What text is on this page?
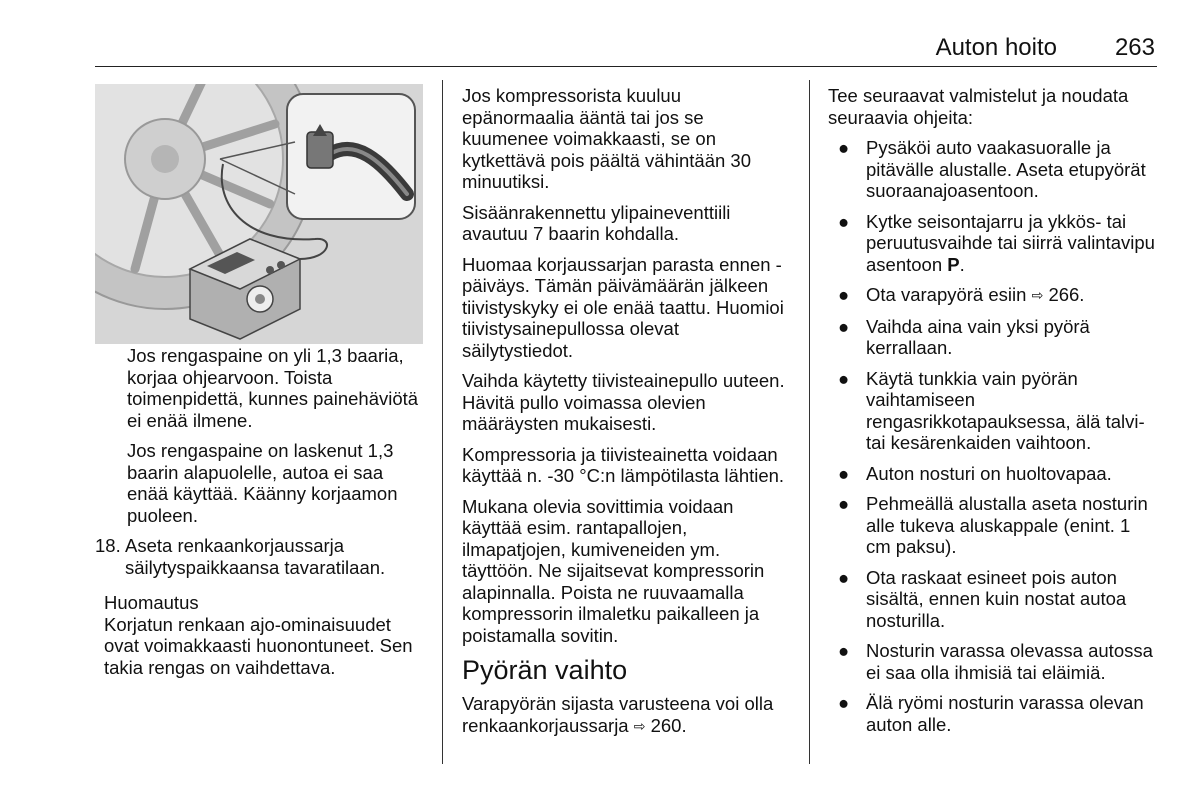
Auton hoito 263

Jos rengaspaine on yli 1,3 baaria, korjaa ohjearvoon. Toista toimenpidettä, kunnes painehäviötä ei enää ilmene.

Jos rengaspaine on laskenut 1,3 baarin alapuolelle, autoa ei saa enää käyttää. Käänny korjaamon puoleen.

18. Aseta renkaankorjaussarja säilytyspaikkaansa tavaratilaan.
Huomautus
Korjatun renkaan ajo-ominaisuudet ovat voimakkaasti huonontuneet. Sen takia rengas on vaihdettava.

Jos kompressorista kuuluu epänormaalia ääntä tai jos se kuumenee voimakkaasti, se on kytkettävä pois päältä vähintään 30 minuutiksi.

Sisäänrakennettu ylipaineventtiili avautuu 7 baarin kohdalla.

Huomaa korjaussarjan parasta ennen -päiväys. Tämän päivämäärän jälkeen tiivistyskyky ei ole enää taattu. Huomioi tiivistysainepullossa olevat säilytystiedot.

Vaihda käytetty tiivisteainepullo uuteen. Hävitä pullo voimassa olevien määräysten mukaisesti.

Kompressoria ja tiivisteainetta voidaan käyttää n. -30 °C:n lämpötilasta lähtien.

Mukana olevia sovittimia voidaan käyttää esim. rantapallojen, ilmapatjojen, kumiveneiden ym. täyttöön. Ne sijaitsevat kompressorin alapinnalla. Poista ne ruuvaamalla kompressorin ilmaletku paikalleen ja poistamalla sovitin.

Pyörän vaihto

Varapyörän sijasta varusteena voi olla renkaankorjaussarja ⇨ 260.

Tee seuraavat valmistelut ja noudata seuraavia ohjeita:

● Pysäköi auto vaakasuoralle ja pitävälle alustalle. Aseta etupyörät suoraanajoasentoon.
● Kytke seisontajarru ja ykkös- tai peruutusvaihde tai siirrä valintavipu asentoon P.
● Ota varapyörä esiin ⇨ 266.
● Vaihda aina vain yksi pyörä kerrallaan.
● Käytä tunkkia vain pyörän vaihtamiseen rengasrikkotapauksessa, älä talvi- tai kesärenkaiden vaihtoon.
● Auton nosturi on huoltovapaa.
● Pehmeällä alustalla aseta nosturin alle tukeva aluskappale (enint. 1 cm paksu).
● Ota raskaat esineet pois auton sisältä, ennen kuin nostat autoa nosturilla.
● Nosturin varassa olevassa autossa ei saa olla ihmisiä tai eläimiä.
● Älä ryömi nosturin varassa olevan auton alle.
